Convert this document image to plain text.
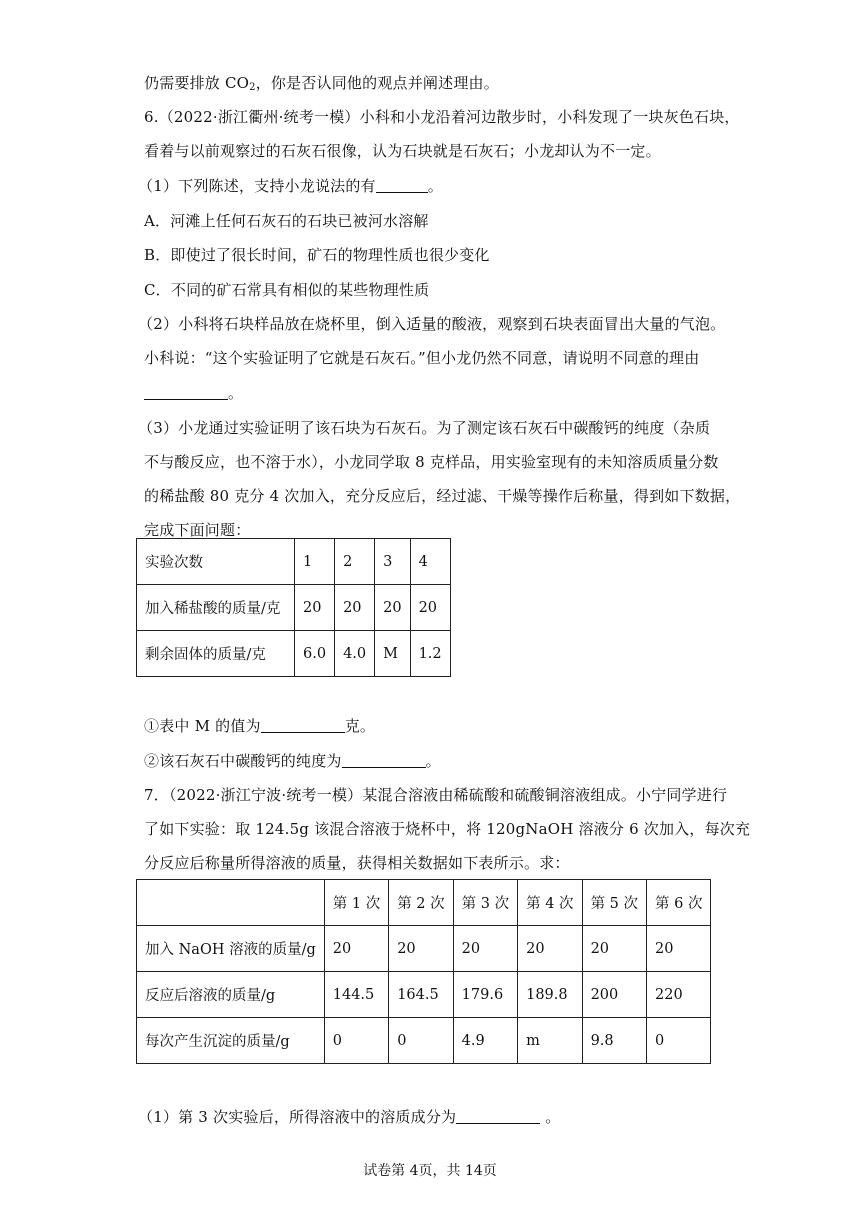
仍需要排放 $CO_2$，你是否认同他的观点并阐述理由。
6.（2022·浙江衢州·统考一模）小科和小龙沿着河边散步时，小科发现了一块灰色石块，
看着与以前观察过的石灰石很像，认为石块就是石灰石；小龙却认为不一定。
（1）下列陈述，支持小龙说法的有	。
A．河滩上任何石灰石的石块已被河水溶解
B．即使过了很长时间，矿石的物理性质也很少变化
C．不同的矿石常具有相似的某些物理性质
（2）小科将石块样品放在烧杯里，倒入适量的酸液，观察到石块表面冒出大量的气泡。
小科说：“这个实验证明了它就是石灰石。”但小龙仍然不同意，请说明不同意的理由
。
（3）小龙通过实验证明了该石块为石灰石。为了测定该石灰石中碳酸钙的纯度（杂质
不与酸反应，也不溶于水），小龙同学取 8 克样品，用实验室现有的未知溶质质量分数
的稀盐酸 80 克分 4 次加入，充分反应后，经过滤、干燥等操作后称量，得到如下数据，
完成下面问题：
实验次数	1	2	3	4
加入稀盐酸的质量/克	20	20	20	20
剩余固体的质量/克	6.0	4.0	M	1.2
①表中 M 的值为	克。
②该石灰石中碳酸钙的纯度为	。
7．（2022·浙江宁波·统考一模）某混合溶液由稀硫酸和硫酸铜溶液组成。小宁同学进行
了如下实验：取 124.5g 该混合溶液于烧杯中，将 120gNaOH 溶液分 6 次加入，每次充
分反应后称量所得溶液的质量，获得相关数据如下表所示。求：
	第 1 次	第 2 次	第 3 次	第 4 次	第 5 次	第 6 次
加入 NaOH 溶液的质量/g	20	20	20	20	20	20
反应后溶液的质量/g	144.5	164.5	179.6	189.8	200	220
每次产生沉淀的质量/g	0	0	4.9	m	9.8	0
（1）第 3 次实验后，所得溶液中的溶质成分为	。
试卷第 4页，共 14页
